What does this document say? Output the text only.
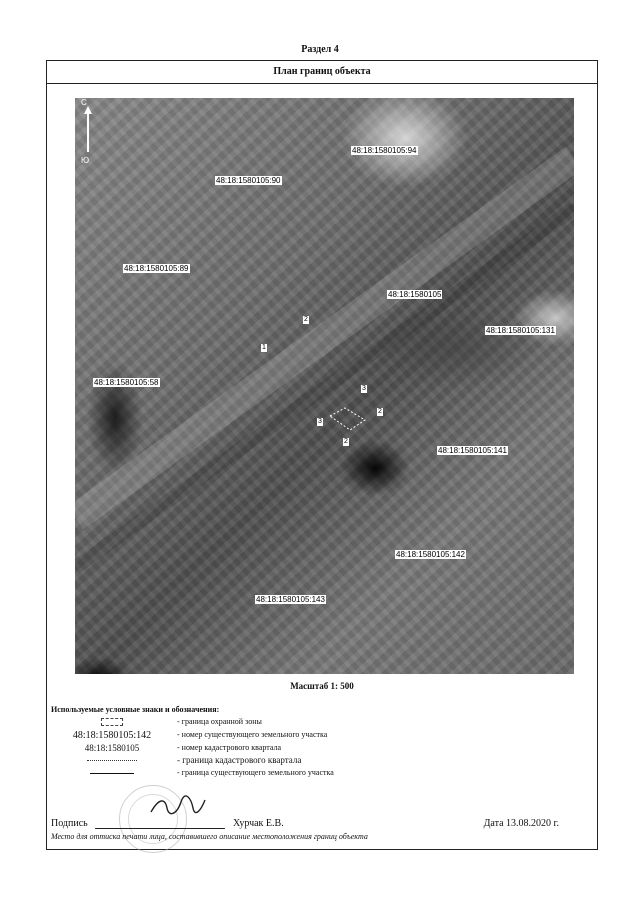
Раздел 4
План границ объекта
С
Ю
48:18:1580105:94
48:18:1580105:90
48:18:1580105:89
48:18:1580105
48:18:1580105:131
48:18:1580105:58
48:18:1580105:141
48:18:1580105:142
48:18:1580105:143
2
1
3
2
3
2
Масштаб 1: 500
Используемые условные знаки и обозначения:
- граница охранной зоны
48:18:1580105:142	- номер существующего земельного участка
48:18:1580105	- номер кадастрового квартала
- граница кадастрового квартала
- граница существующего земельного участка
Подпись	Хурчак Е.В.	Дата 13.08.2020 г.
Место для оттиска печати лица, составившего описание местоположения границ объекта
